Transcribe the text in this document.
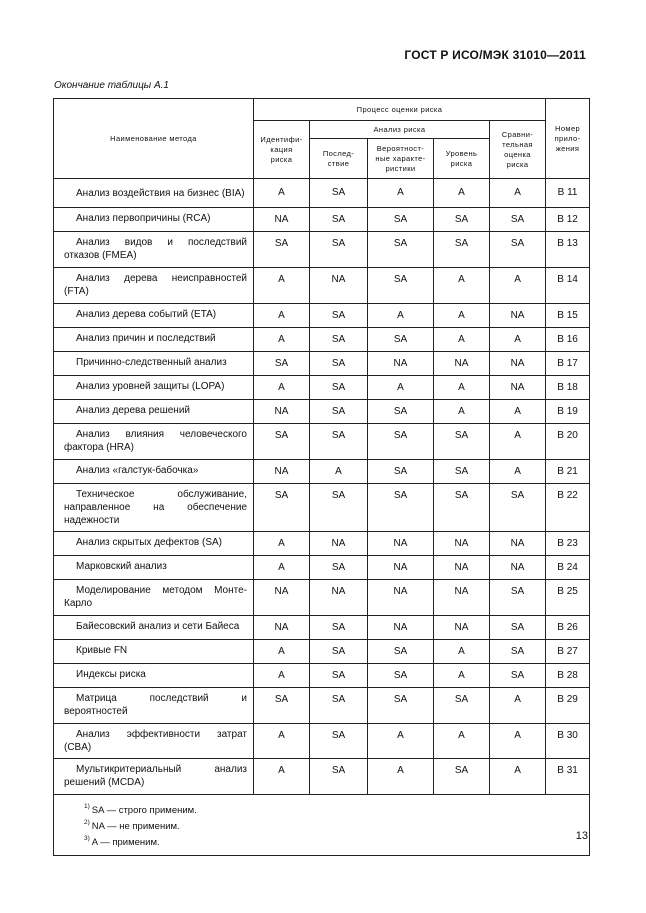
ГОСТ Р ИСО/МЭК 31010—2011
Окончание таблицы А.1
Наименование метода	Процесс оценки риска					Номер
прило-
жения
	Идентифи-
кация
риска	Анализ риска			Сравни-
тельная
оценка
риска	
		Послед-
ствие	Вероятност-
ные характе-
ристики	Уровень
риска		
Анализ воздействия на бизнес (BIA)	A	SA	A	A	A	B 11
Анализ первопричины (RCA)	NA	SA	SA	SA	SA	B 12
Анализ видов и последствий отказов (FMEA)	SA	SA	SA	SA	SA	B 13
Анализ дерева неисправностей (FTA)	A	NA	SA	A	A	B 14
Анализ дерева событий (ETA)	A	SA	A	A	NA	B 15
Анализ причин и последствий	A	SA	SA	A	A	B 16
Причинно-следственный анализ	SA	SA	NA	NA	NA	B 17
Анализ уровней защиты (LOPA)	A	SA	A	A	NA	B 18
Анализ дерева решений	NA	SA	SA	A	A	B 19
Анализ влияния человеческого фактора (HRA)	SA	SA	SA	SA	A	B 20
Анализ «галстук-бабочка»	NA	A	SA	SA	A	B 21
Техническое обслуживание, направленное на обеспечение надежности	SA	SA	SA	SA	SA	B 22
Анализ скрытых дефектов (SA)	A	NA	NA	NA	NA	B 23
Марковский анализ	A	SA	NA	NA	NA	B 24
Моделирование методом Монте-Карло	NA	NA	NA	NA	SA	B 25
Байесовский анализ и сети Байеса	NA	SA	NA	NA	SA	B 26
Кривые FN	A	SA	SA	A	SA	B 27
Индексы риска	A	SA	SA	A	SA	B 28
Матрица последствий и вероятностей	SA	SA	SA	SA	A	B 29
Анализ эффективности затрат (CBA)	A	SA	A	A	A	B 30
Мультикритериальный анализ решений (MCDA)	A	SA	A	SA	A	B 31

$^{1)}$ SA — строго применим.
$^{2)}$ NA — не применим.
$^{3)}$ A — применим.						
13
